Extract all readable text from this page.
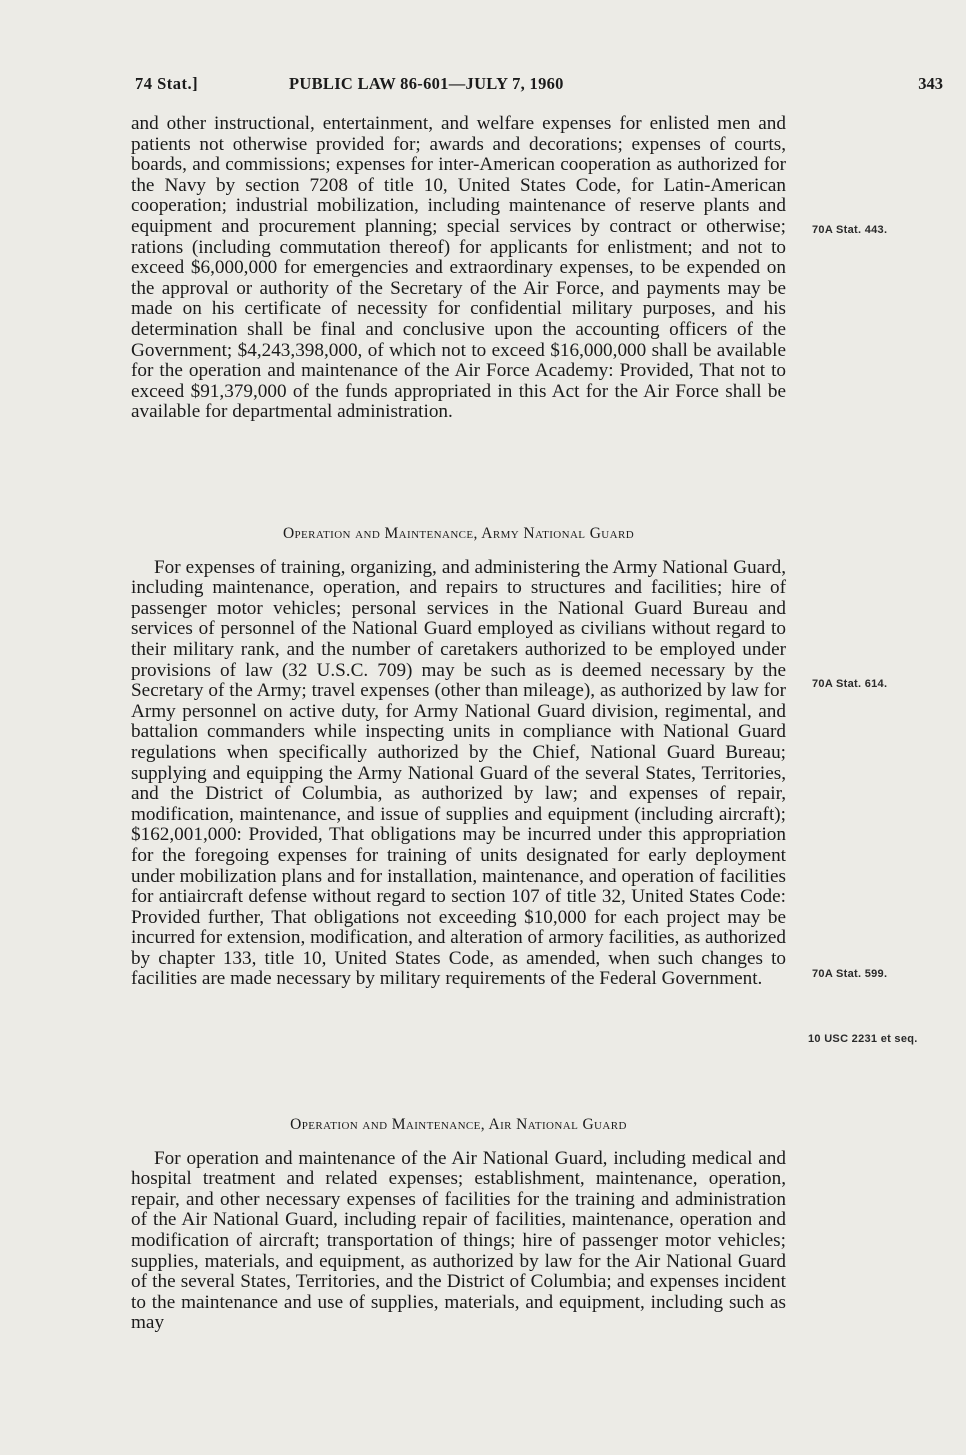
74 Stat.]	PUBLIC LAW 86-601—JULY 7, 1960	343

and other instructional, entertainment, and welfare expenses for enlisted men and patients not otherwise provided for; awards and decorations; expenses of courts, boards, and commissions; expenses for inter-American cooperation as authorized for the Navy by section 7208 of title 10, United States Code, for Latin-American cooperation; industrial mobilization, including maintenance of reserve plants and equipment and procurement planning; special services by contract or otherwise; rations (including commutation thereof) for applicants for enlistment; and not to exceed $6,000,000 for emergencies and extraordinary expenses, to be expended on the approval or authority of the Secretary of the Air Force, and payments may be made on his certificate of necessity for confidential military purposes, and his determination shall be final and conclusive upon the accounting officers of the Government; $4,243,398,000, of which not to exceed $16,000,000 shall be available for the operation and maintenance of the Air Force Academy: Provided, That not to exceed $91,379,000 of the funds appropriated in this Act for the Air Force shall be available for departmental administration.

Operation and Maintenance, Army National Guard

For expenses of training, organizing, and administering the Army National Guard, including maintenance, operation, and repairs to structures and facilities; hire of passenger motor vehicles; personal services in the National Guard Bureau and services of personnel of the National Guard employed as civilians without regard to their military rank, and the number of caretakers authorized to be employed under provisions of law (32 U.S.C. 709) may be such as is deemed necessary by the Secretary of the Army; travel expenses (other than mileage), as authorized by law for Army personnel on active duty, for Army National Guard division, regimental, and battalion commanders while inspecting units in compliance with National Guard regulations when specifically authorized by the Chief, National Guard Bureau; supplying and equipping the Army National Guard of the several States, Territories, and the District of Columbia, as authorized by law; and expenses of repair, modification, maintenance, and issue of supplies and equipment (including aircraft); $162,001,000: Provided, That obligations may be incurred under this appropriation for the foregoing expenses for training of units designated for early deployment under mobilization plans and for installation, maintenance, and operation of facilities for antiaircraft defense without regard to section 107 of title 32, United States Code: Provided further, That obligations not exceeding $10,000 for each project may be incurred for extension, modification, and alteration of armory facilities, as authorized by chapter 133, title 10, United States Code, as amended, when such changes to facilities are made necessary by military requirements of the Federal Government.

Operation and Maintenance, Air National Guard

For operation and maintenance of the Air National Guard, including medical and hospital treatment and related expenses; establishment, maintenance, operation, repair, and other necessary expenses of facilities for the training and administration of the Air National Guard, including repair of facilities, maintenance, operation and modification of aircraft; transportation of things; hire of passenger motor vehicles; supplies, materials, and equipment, as authorized by law for the Air National Guard of the several States, Territories, and the District of Columbia; and expenses incident to the maintenance and use of supplies, materials, and equipment, including such as may

70A Stat. 443.
70A Stat. 614.
70A Stat. 599.
10 USC 2231 et seq.
